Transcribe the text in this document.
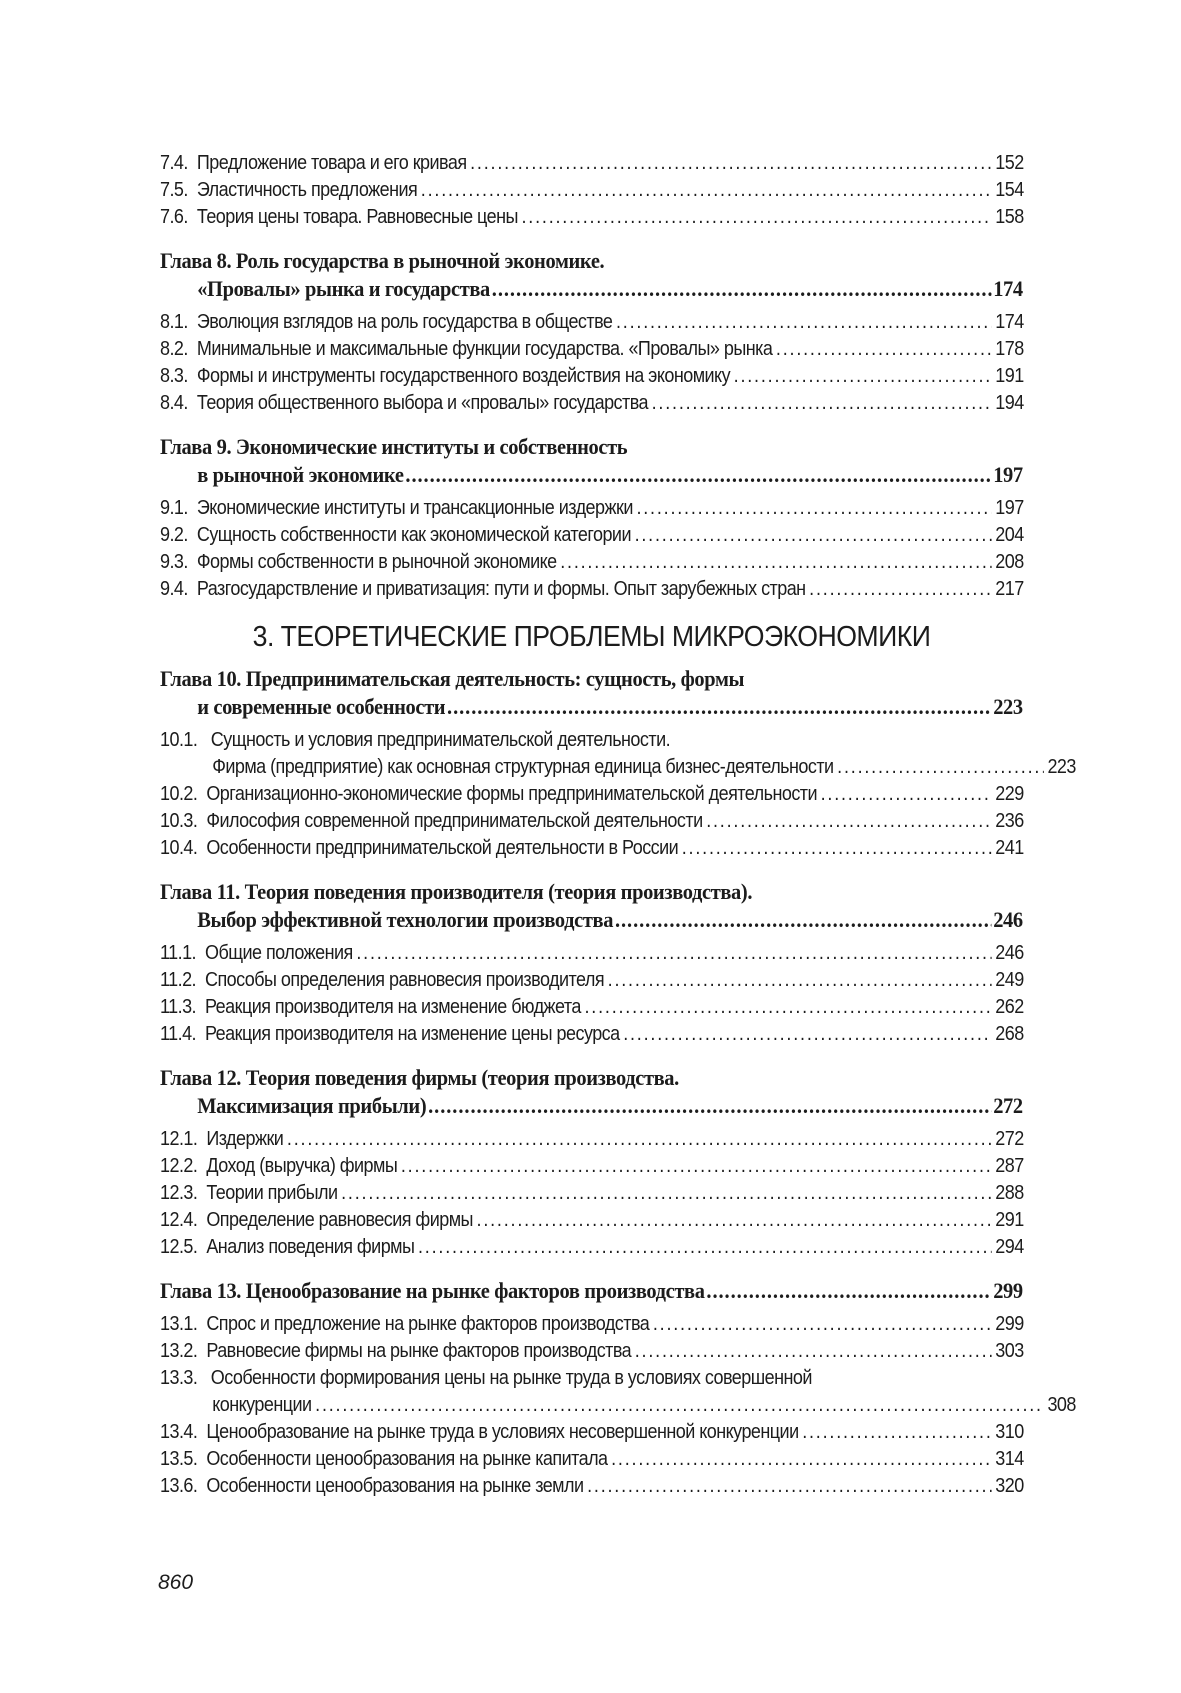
7.4. Предложение товара и его кривая .....	152
7.5. Эластичность предложения .....	154
7.6. Теория цены товара. Равновесные цены .....	158
Глава 8. Роль государства в рыночной экономике.
«Провалы» рынка и государства .....	174
8.1. Эволюция взглядов на роль государства в обществе .....	174
8.2. Минимальные и максимальные функции государства. «Провалы» рынка .....	178
8.3. Формы и инструменты государственного воздействия на экономику .....	191
8.4. Теория общественного выбора и «провалы» государства .....	194
Глава 9. Экономические институты и собственность
в рыночной экономике .....	197
9.1. Экономические институты и трансакционные издержки .....	197
9.2. Сущность собственности как экономической категории .....	204
9.3. Формы собственности в рыночной экономике .....	208
9.4. Разгосударствление и приватизация: пути и формы. Опыт зарубежных стран .....	217
3. ТЕОРЕТИЧЕСКИЕ ПРОБЛЕМЫ МИКРОЭКОНОМИКИ
Глава 10. Предпринимательская деятельность: сущность, формы
и современные особенности .....	223
10.1. Сущность и условия предпринимательской деятельности.
Фирма (предприятие) как основная структурная единица бизнес-деятельности .....	223
10.2. Организационно-экономические формы предпринимательской деятельности .....	229
10.3. Философия современной предпринимательской деятельности .....	236
10.4. Особенности предпринимательской деятельности в России .....	241
Глава 11. Теория поведения производителя (теория производства).
Выбор эффективной технологии производства .....	246
11.1. Общие положения .....	246
11.2. Способы определения равновесия производителя .....	249
11.3. Реакция производителя на изменение бюджета .....	262
11.4. Реакция производителя на изменение цены ресурса .....	268
Глава 12. Теория поведения фирмы (теория производства.
Максимизация прибыли) .....	272
12.1. Издержки .....	272
12.2. Доход (выручка) фирмы .....	287
12.3. Теории прибыли .....	288
12.4. Определение равновесия фирмы .....	291
12.5. Анализ поведения фирмы .....	294
Глава 13. Ценообразование на рынке факторов производства .....	299
13.1. Спрос и предложение на рынке факторов производства .....	299
13.2. Равновесие фирмы на рынке факторов производства .....	303
13.3. Особенности формирования цены на рынке труда в условиях совершенной
конкуренции .....	308
13.4. Ценообразование на рынке труда в условиях несовершенной конкуренции .....	310
13.5. Особенности ценообразования на рынке капитала .....	314
13.6. Особенности ценообразования на рынке земли .....	320
860
